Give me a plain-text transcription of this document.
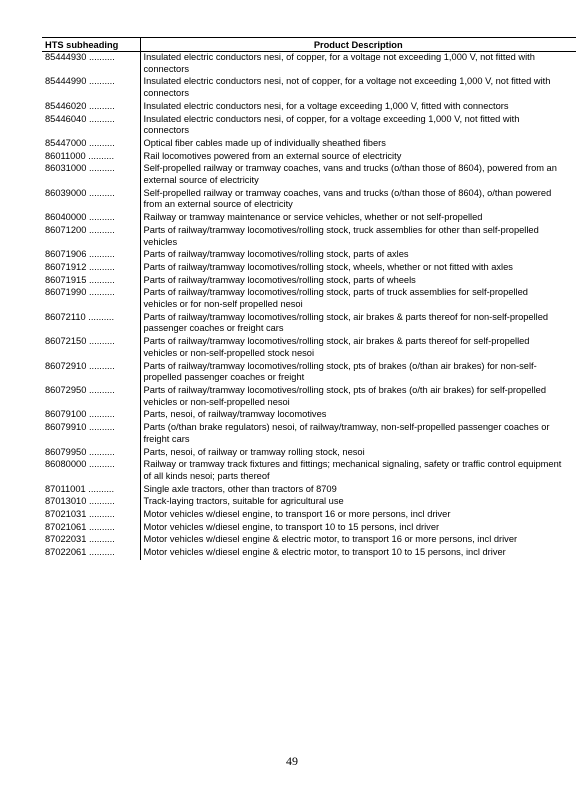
HTS subheading	Product Description
85444930 ..........	Insulated electric conductors nesi, of copper, for a voltage not exceeding 1,000 V, not fitted with connectors
85444990 ..........	Insulated electric conductors nesi, not of copper, for a voltage not exceeding 1,000 V, not fitted with connectors
85446020 ..........	Insulated electric conductors nesi, for a voltage exceeding 1,000 V, fitted with connectors
85446040 ..........	Insulated electric conductors nesi, of copper, for a voltage exceeding 1,000 V, not fitted with connectors
85447000 ..........	Optical fiber cables made up of individually sheathed fibers
86011000 ..........	Rail locomotives powered from an external source of electricity
86031000 ..........	Self-propelled railway or tramway coaches, vans and trucks (o/than those of 8604), powered from an external source of electricity
86039000 ..........	Self-propelled railway or tramway coaches, vans and trucks (o/than those of 8604), o/than powered from an external source of electricity
86040000 ..........	Railway or tramway maintenance or service vehicles, whether or not self-propelled
86071200 ..........	Parts of railway/tramway locomotives/rolling stock, truck assemblies for other than self-propelled vehicles
86071906 ..........	Parts of railway/tramway locomotives/rolling stock, parts of axles
86071912 ..........	Parts of railway/tramway locomotives/rolling stock, wheels, whether or not fitted with axles
86071915 ..........	Parts of railway/tramway locomotives/rolling stock, parts of wheels
86071990 ..........	Parts of railway/tramway locomotives/rolling stock, parts of truck assemblies for self-propelled vehicles or for non-self propelled nesoi
86072110 ..........	Parts of railway/tramway locomotives/rolling stock, air brakes & parts thereof for non-self-propelled passenger coaches or freight cars
86072150 ..........	Parts of railway/tramway locomotives/rolling stock, air brakes & parts thereof for self-propelled vehicles or non-self-propelled stock nesoi
86072910 ..........	Parts of railway/tramway locomotives/rolling stock, pts of brakes (o/than air brakes) for non-self-propelled passenger coaches or freight
86072950 ..........	Parts of railway/tramway locomotives/rolling stock, pts of brakes (o/th air brakes) for self-propelled vehicles or non-self-propelled nesoi
86079100 ..........	Parts, nesoi, of railway/tramway locomotives
86079910 ..........	Parts (o/than brake regulators) nesoi, of railway/tramway, non-self-propelled passenger coaches or freight cars
86079950 ..........	Parts, nesoi, of railway or tramway rolling stock, nesoi
86080000 ..........	Railway or tramway track fixtures and fittings; mechanical signaling, safety or traffic control equipment of all kinds nesoi; parts thereof
87011001 ..........	Single axle tractors, other than tractors of 8709
87013010 ..........	Track-laying tractors, suitable for agricultural use
87021031 ..........	Motor vehicles w/diesel engine, to transport 16 or more persons, incl driver
87021061 ..........	Motor vehicles w/diesel engine, to transport 10 to 15 persons, incl driver
87022031 ..........	Motor vehicles w/diesel engine & electric motor, to transport 16 or more persons, incl driver
87022061 ..........	Motor vehicles w/diesel engine & electric motor, to transport 10 to 15 persons, incl driver
49
